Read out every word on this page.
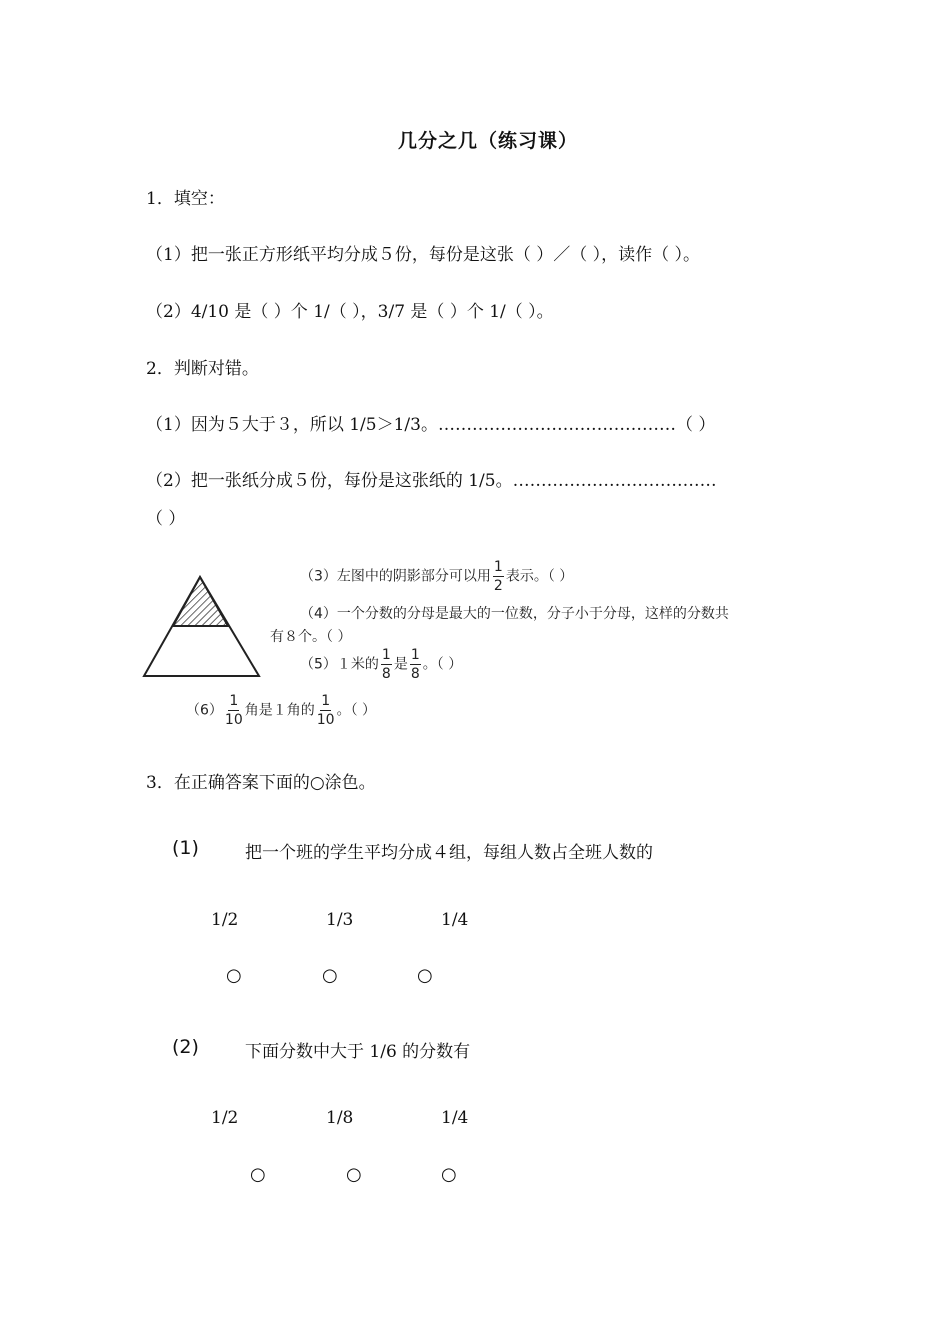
几分之几（练习课）
1．填空：
（1）把一张正方形纸平均分成５份，每份是这张（ ）／（ ），读作（ ）。
（2）4/10 是（ ）个 1/（ ），3/7 是（ ）个 1/（ ）。
2．判断对错。
（1）因为５大于３，所以 1/5＞1/3。……………………………………（ ）
（2）把一张纸分成５份，每份是这张纸的 1/5。………………………………
（ ）
（3）左图中的阴影部分可以用 $\frac{1}{2}$ 表示。（ ）
（4）一个分数的分母是最大的一位数，分子小于分母，这样的分数共
有８个。（ ）
（5）１米的 $\frac{1}{8}$ 是 $\frac{1}{8}$ 。（ ）
$(6) \frac{1}{10}$ 角是１角的 $\frac{1}{10}$ 。（ ）
3．在正确答案下面的○涂色。
(1)	把一个班的学生平均分成４组，每组人数占全班人数的
1/2	1/3	1/4
○	○	○
(2)	下面分数中大于 1/6 的分数有
1/2	1/8	1/4
○	○	○
